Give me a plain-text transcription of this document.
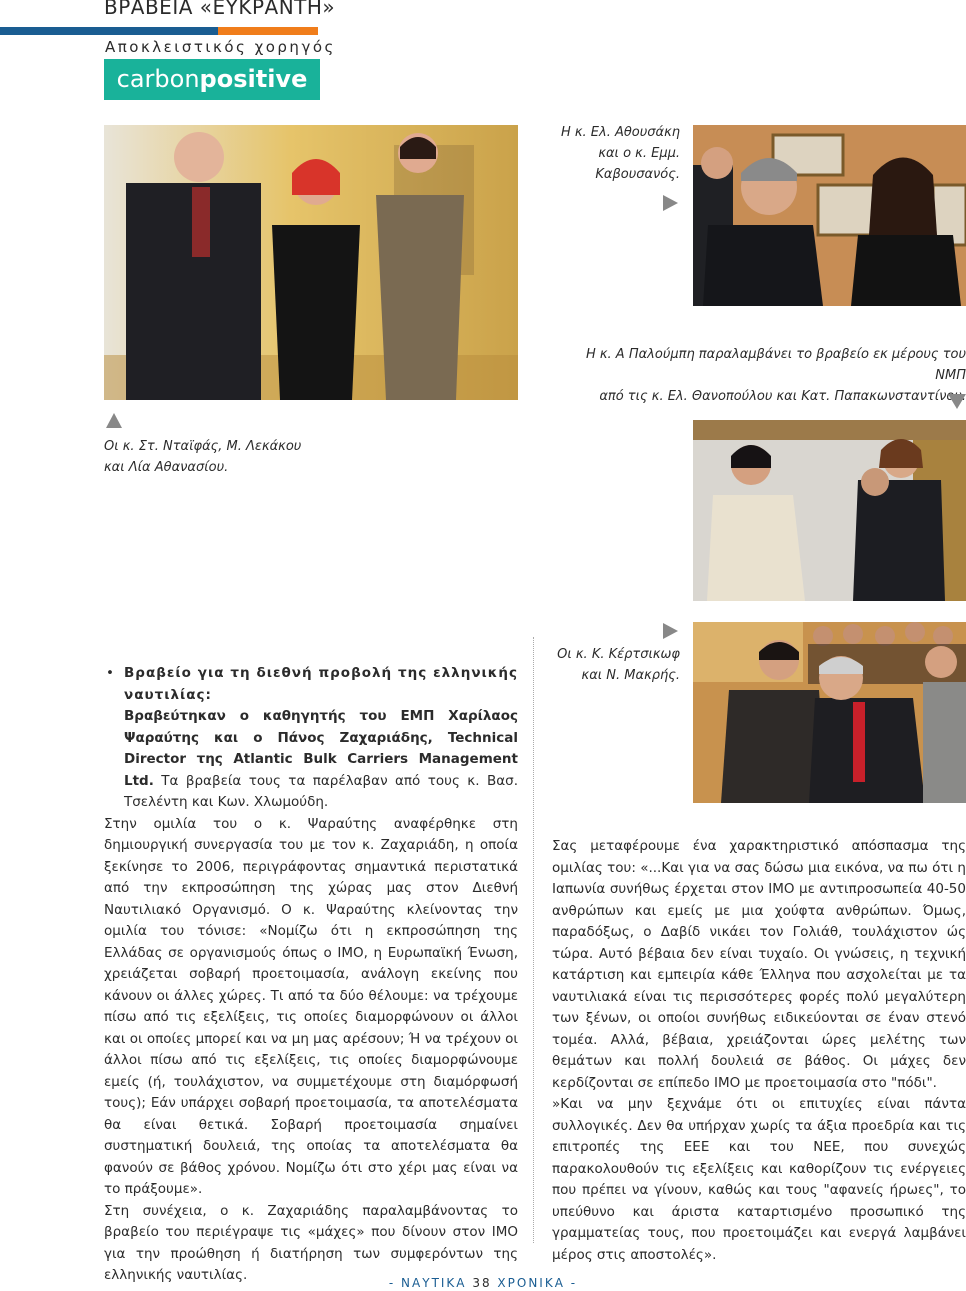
ΒΡΑΒΕΙΑ «ΕΥΚΡΑΝΤΗ»
Αποκλειστικός χορηγός
carbonpositive
Η κ. Ελ. Αθουσάκη
και ο κ. Εμμ.
Καβουσανός.
Η κ. Α Παλούμπη παραλαμβάνει το βραβείο εκ μέρους του ΝΜΠ
από τις κ. Ελ. Θανοπούλου και Κατ. Παπακωνσταντίνου.
Οι κ. Στ. Νταϊφάς, Μ. Λεκάκου
και Λία Αθανασίου.
Οι κ. Κ. Κέρτσικωφ
και Ν. Μακρής.
• Βραβείο για τη διεθνή προβολή της ελληνικής ναυτιλίας:
Βραβεύτηκαν ο καθηγητής του ΕΜΠ Χαρίλαος Ψαραύτης και ο Πάνος Ζαχαριάδης, Technical Director της Atlantic Bulk Carriers Management Ltd. Τα βραβεία τους τα παρέλαβαν από τους κ. Βασ. Τσελέντη και Κων. Χλωμούδη.

Στην ομιλία του ο κ. Ψαραύτης αναφέρθηκε στη δημιουργική συνεργασία του με τον κ. Ζαχαριάδη, η οποία ξεκίνησε το 2006, περιγράφοντας σημαντικά περιστατικά από την εκπροσώπηση της χώρας μας στον Διεθνή Ναυτιλιακό Οργανισμό. Ο κ. Ψαραύτης κλείνοντας την ομιλία του τόνισε: «Νομίζω ότι η εκπροσώπηση της Ελλάδας σε οργανισμούς όπως ο ΙΜΟ, η Ευρωπαϊκή Ένωση, χρειάζεται σοβαρή προετοιμασία, ανάλογη εκείνης που κάνουν οι άλλες χώρες. Τι από τα δύο θέλουμε: να τρέχουμε πίσω από τις εξελίξεις, τις οποίες διαμορφώνουν οι άλλοι και οι οποίες μπορεί και να μη μας αρέσουν; Ή να τρέχουν οι άλλοι πίσω από τις εξελίξεις, τις οποίες διαμορφώνουμε εμείς (ή, τουλάχιστον, να συμμετέχουμε στη διαμόρφωσή τους); Εάν υπάρχει σοβαρή προετοιμασία, τα αποτελέσματα θα είναι θετικά. Σοβαρή προετοιμασία σημαίνει συστηματική δουλειά, της οποίας τα αποτελέσματα θα φανούν σε βάθος χρόνου. Νομίζω ότι στο χέρι μας είναι να το πράξουμε».

Στη συνέχεια, ο κ. Ζαχαριάδης παραλαμβάνοντας το βραβείο του περιέγραψε τις «μάχες» που δίνουν στον ΙΜΟ για την προώθηση ή διατήρηση των συμφερόντων της ελληνικής ναυτιλίας.

Σας μεταφέρουμε ένα χαρακτηριστικό απόσπασμα της ομιλίας του: «...Και για να σας δώσω μια εικόνα, να πω ότι η Ιαπωνία συνήθως έρχεται στον ΙΜΟ με αντιπροσωπεία 40-50 ανθρώπων και εμείς με μια χούφτα ανθρώπων. Όμως, παραδόξως, ο Δαβίδ νικάει τον Γολιάθ, τουλάχιστον ώς τώρα. Αυτό βέβαια δεν είναι τυχαίο. Οι γνώσεις, η τεχνική κατάρτιση και εμπειρία κάθε Έλληνα που ασχολείται με τα ναυτιλιακά είναι τις περισσότερες φορές πολύ μεγαλύτερη των ξένων, οι οποίοι συνήθως ειδικεύονται σε έναν στενό τομέα. Αλλά, βέβαια, χρειάζονται ώρες μελέτης των θεμάτων και πολλή δουλειά σε βάθος. Οι μάχες δεν κερδίζονται σε επίπεδο ΙΜΟ με προετοιμασία στο "πόδι".

»Και να μην ξεχνάμε ότι οι επιτυχίες είναι πάντα συλλογικές. Δεν θα υπήρχαν χωρίς τα άξια προεδρία και τις επιτροπές της ΕΕΕ και του ΝΕΕ, που συνεχώς παρακολουθούν τις εξελίξεις και καθορίζουν τις ενέργειες που πρέπει να γίνουν, καθώς και τους "αφανείς ήρωες", το υπεύθυνο και άριστα καταρτισμένο προσωπικό της γραμματείας τους, που προετοιμάζει και ενεργά λαμβάνει μέρος στις αποστολές».

- ΝΑΥΤΙΚΑ 38 ΧΡΟΝΙΚΑ -
